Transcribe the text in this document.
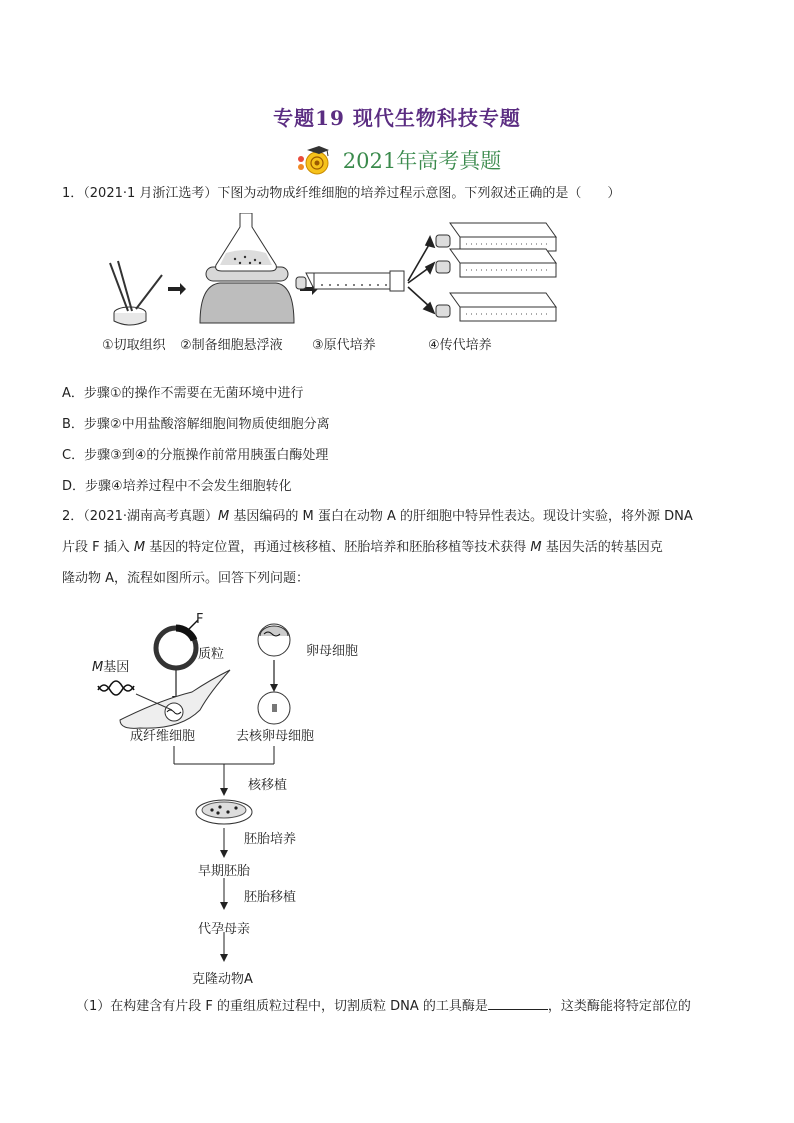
专题19 现代生物科技专题
2021年高考真题
1．（2021·1 月浙江选考）下图为动物成纤维细胞的培养过程示意图。下列叙述正确的是（　　）
①切取组织 ②制备细胞悬浮液 ③原代培养	④传代培养
A．步骤①的操作不需要在无菌环境中进行
B．步骤②中用盐酸溶解细胞间物质使细胞分离
C．步骤③到④的分瓶操作前常用胰蛋白酶处理
D．步骤④培养过程中不会发生细胞转化
2．（2021·湖南高考真题）M 基因编码的 M 蛋白在动物 A 的肝细胞中特异性表达。现设计实验，将外源 DNA
片段 F 插入 M 基因的特定位置，再通过核移植、胚胎培养和胚胎移植等技术获得 M 基因失活的转基因克
隆动物 A，流程如图所示。回答下列问题：
F
质粒
M基因
卵母细胞
成纤维细胞	去核卵母细胞
核移植
胚胎培养
早期胚胎
胚胎移植
代孕母亲
克隆动物A
（1）在构建含有片段 F 的重组质粒过程中，切割质粒 DNA 的工具酶是	，这类酶能将特定部位的
